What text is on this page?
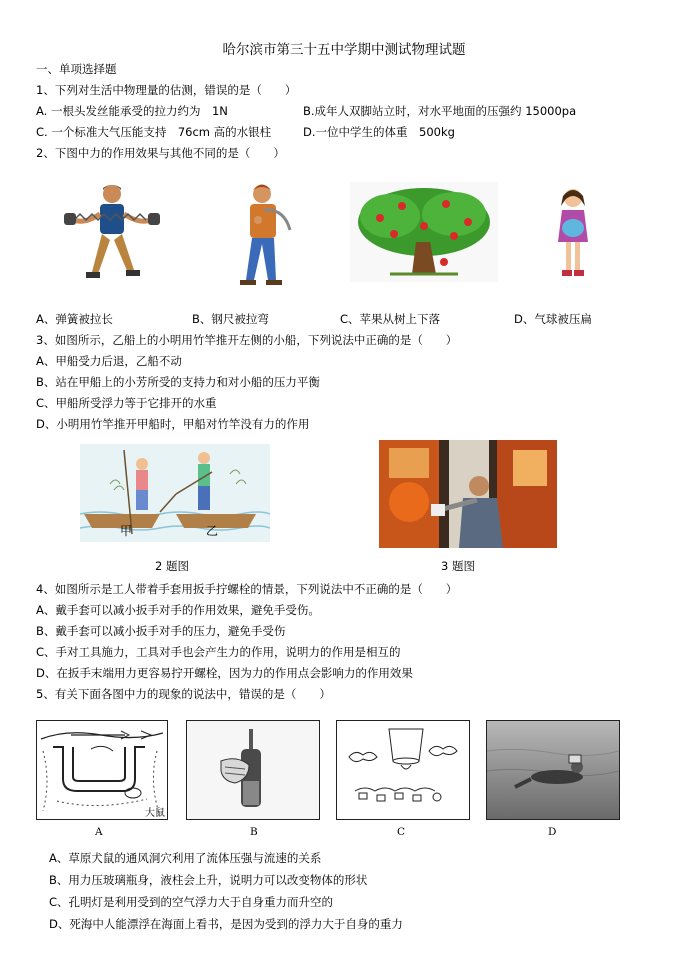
哈尔滨市第三十五中学期中测试物理试题
一、单项选择题
1、下列对生活中物理量的估测，错误的是（　　）
A. 一根头发丝能承受的拉力约为　1N	B.成年人双脚站立时，对水平地面的压强约 15000pa
C. 一个标准大气压能支持　76cm 高的水银柱	D.一位中学生的体重　500kg
2、下图中力的作用效果与其他不同的是（　　）
A、弹簧被拉长	B、钢尺被拉弯	C、苹果从树上下落	D、气球被压扁
3、如图所示，乙船上的小明用竹竿推开左侧的小船，下列说法中正确的是（　　）
A、甲船受力后退，乙船不动
B、站在甲船上的小芳所受的支持力和对小船的压力平衡
C、甲船所受浮力等于它排开的水重
D、小明用竹竿推开甲船时，甲船对竹竿没有力的作用
甲	乙
2 题图	3 题图
4、如图所示是工人带着手套用扳手拧螺栓的情景，下列说法中不正确的是（　　）
A、戴手套可以减小扳手对手的作用效果，避免手受伤。
B、戴手套可以减小扳手对手的压力，避免手受伤
C、手对工具施力，工具对手也会产生力的作用，说明力的作用是相互的
D、在扳手末端用力更容易拧开螺栓，因为力的作用点会影响力的作用效果
5、有关下面各图中力的现象的说法中，错误的是（　　）
大鼠
A	B	C	D
A、草原犬鼠的通风洞穴利用了流体压强与流速的关系
B、用力压玻璃瓶身，液柱会上升，说明力可以改变物体的形状
C、孔明灯是利用受到的空气浮力大于自身重力而升空的
D、死海中人能漂浮在海面上看书，是因为受到的浮力大于自身的重力
